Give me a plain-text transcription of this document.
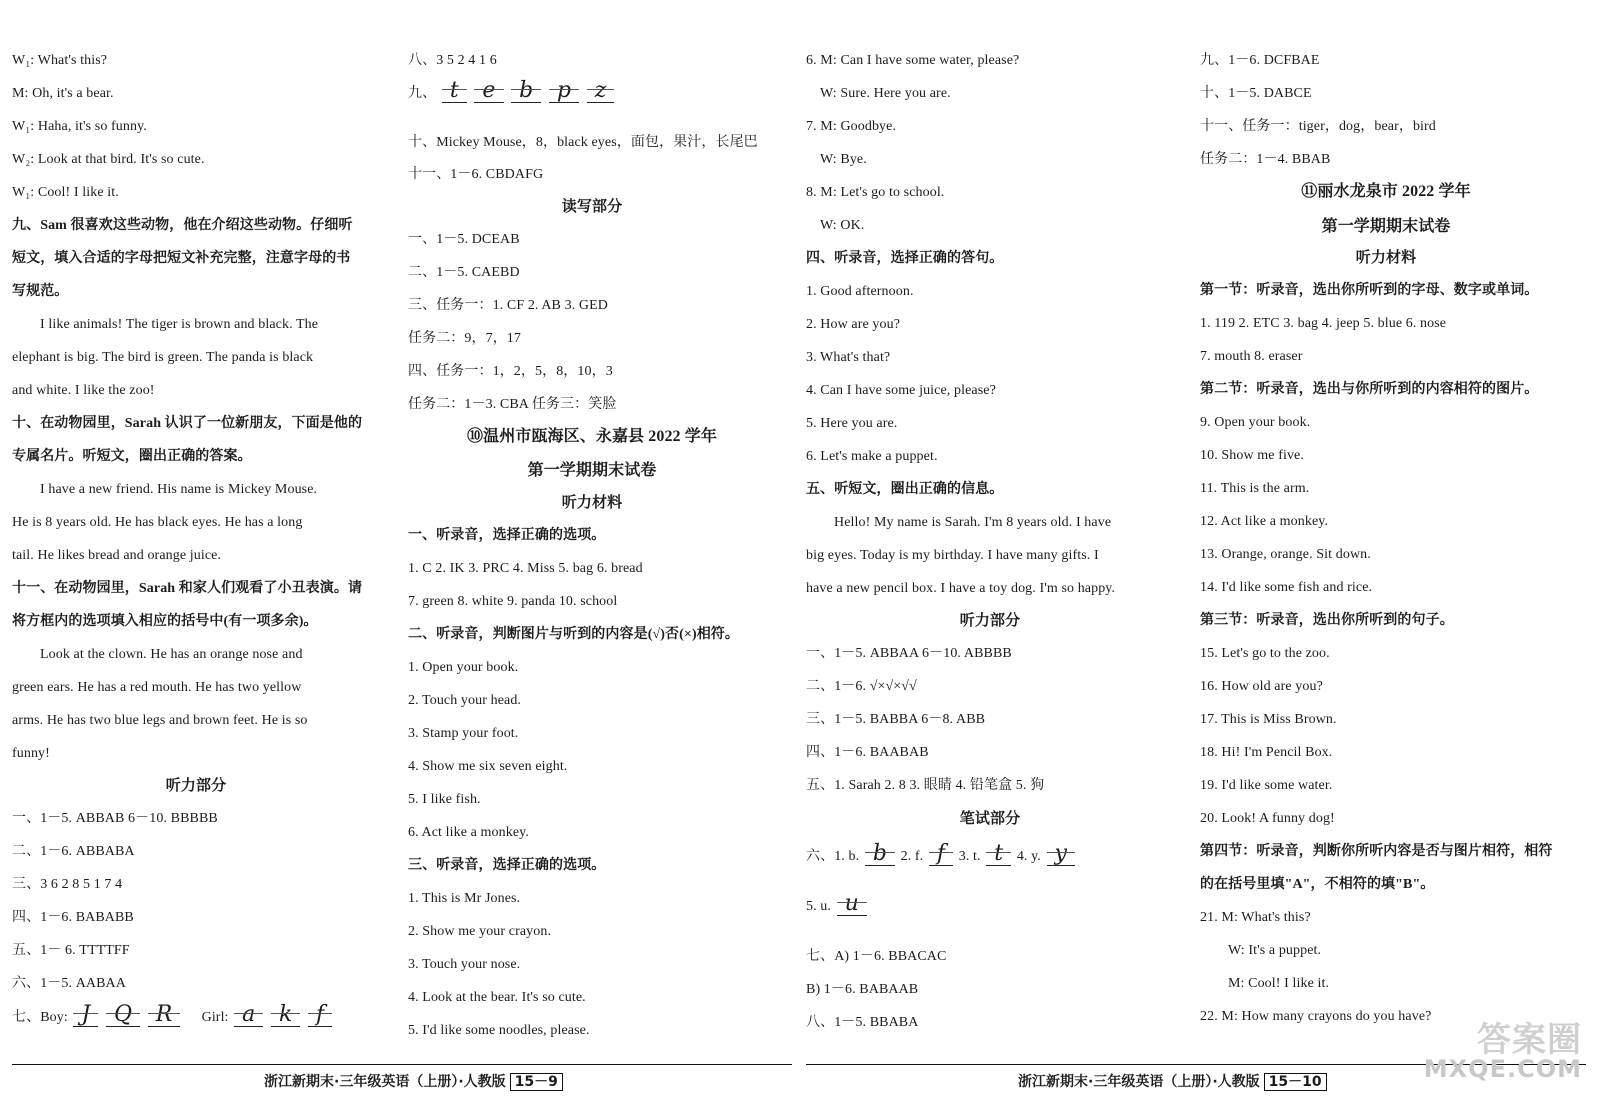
W₁: What's this?
M: Oh, it's a bear.
W₁: Haha, it's so funny.
W₂: Look at that bird. It's so cute.
W₁: Cool! I like it.
九、Sam 很喜欢这些动物，他在介绍这些动物。仔细听
短文，填入合适的字母把短文补充完整，注意字母的书
写规范。
I like animals! The tiger is brown and black. The
elephant is big. The bird is green. The panda is black
and white. I like the zoo!
十、在动物园里，Sarah 认识了一位新朋友，下面是他的
专属名片。听短文，圈出正确的答案。
I have a new friend. His name is Mickey Mouse.
He is 8 years old. He has black eyes. He has a long
tail. He likes bread and orange juice.
十一、在动物园里，Sarah 和家人们观看了小丑表演。请
将方框内的选项填入相应的括号中(有一项多余)。
Look at the clown. He has an orange nose and
green ears. He has a red mouth. He has two yellow
arms. He has two blue legs and brown feet. He is so
funny!
听力部分
一、1－5. ABBAB 6－10. BBBBB
二、1－6. ABBABA
三、3 6 2 8 5 1 7 4
四、1－6. BABABB
五、1－ 6. TTTTFF
六、1－5. AABAA
七、Boy: J Q R Girl: a k f
八、3 5 2 4 1 6
九、 t e b p z
十、Mickey Mouse，8，black eyes，面包，果汁，长尾巴
十一、1－6. CBDAFG
读写部分
一、1－5. DCEAB
二、1－5. CAEBD
三、任务一：1. CF 2. AB 3. GED
任务二：9，7，17
四、任务一：1，2，5，8，10，3
任务二：1－3. CBA 任务三：笑脸
⑩温州市瓯海区、永嘉县 2022 学年
第一学期期末试卷
听力材料
一、听录音，选择正确的选项。
1. C 2. IK 3. PRC 4. Miss 5. bag 6. bread
7. green 8. white 9. panda 10. school
二、听录音，判断图片与听到的内容是(√)否(×)相符。
1. Open your book.
2. Touch your head.
3. Stamp your foot.
4. Show me six seven eight.
5. I like fish.
6. Act like a monkey.
三、听录音，选择正确的选项。
1. This is Mr Jones.
2. Show me your crayon.
3. Touch your nose.
4. Look at the bear. It's so cute.
5. I'd like some noodles, please.
6. M: Can I have some water, please?
W: Sure. Here you are.
7. M: Goodbye.
W: Bye.
8. M: Let's go to school.
W: OK.
四、听录音，选择正确的答句。
1. Good afternoon.
2. How are you?
3. What's that?
4. Can I have some juice, please?
5. Here you are.
6. Let's make a puppet.
五、听短文，圈出正确的信息。
Hello! My name is Sarah. I'm 8 years old. I have
big eyes. Today is my birthday. I have many gifts. I
have a new pencil box. I have a toy dog. I'm so happy.
听力部分
一、1－5. ABBAA 6－10. ABBBB
二、1－6. √×√×√√
三、1－5. BABBA 6－8. ABB
四、1－6. BAABAB
五、1. Sarah 2. 8 3. 眼睛 4. 铅笔盒 5. 狗
笔试部分
六、1. b. b 2. f. f 3. t. t 4. y. y
5. u. u
七、A) 1－6. BBACAC
B) 1－6. BABAAB
八、1－5. BBABA
九、1－6. DCFBAE
十、1－5. DABCE
十一、任务一：tiger，dog，bear，bird
任务二：1－4. BBAB
⑪丽水龙泉市 2022 学年
第一学期期末试卷
听力材料
第一节：听录音，选出你所听到的字母、数字或单词。
1. 119 2. ETC 3. bag 4. jeep 5. blue 6. nose
7. mouth 8. eraser
第二节：听录音，选出与你所听到的内容相符的图片。
9. Open your book.
10. Show me five.
11. This is the arm.
12. Act like a monkey.
13. Orange, orange. Sit down.
14. I'd like some fish and rice.
第三节：听录音，选出你所听到的句子。
15. Let's go to the zoo.
16. How old are you?
17. This is Miss Brown.
18. Hi! I'm Pencil Box.
19. I'd like some water.
20. Look! A funny dog!
第四节：听录音，判断你所听内容是否与图片相符，相符
的在括号里填"A"，不相符的填"B"。
21. M: What's this?
W: It's a puppet.
M: Cool! I like it.
22. M: How many crayons do you have?
浙江新期末·三年级英语（上册）·人教版 15－9	浙江新期末·三年级英语（上册）·人教版 15－10
答案圈
MXQE.COM
